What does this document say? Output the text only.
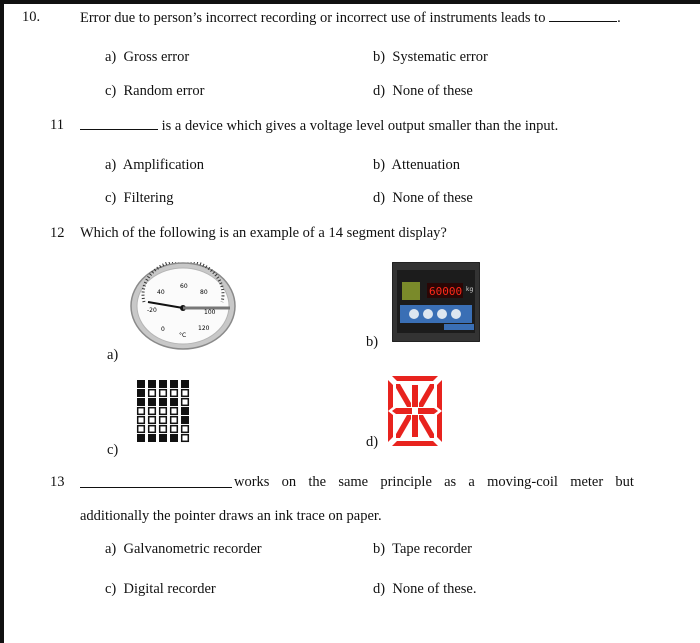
10.	Error due to person’s incorrect recording or incorrect use of instruments leads to	.
a) Gross error	b) Systematic error
c) Random error	d) None of these
11	is a device which gives a voltage level output smaller than the input.
a) Amplification	b) Attenuation
c) Filtering	d) None of these
12 Which of the following is an example of a 14 segment display?
-20
0
40
60
80
100
120
°C
a)
60000 kg
b)
c)	d)
13	works on the same principle as a moving-coil meter but
additionally the pointer draws an ink trace on paper.
a) Galvanometric recorder	b) Tape recorder
c) Digital recorder	d) None of these.
